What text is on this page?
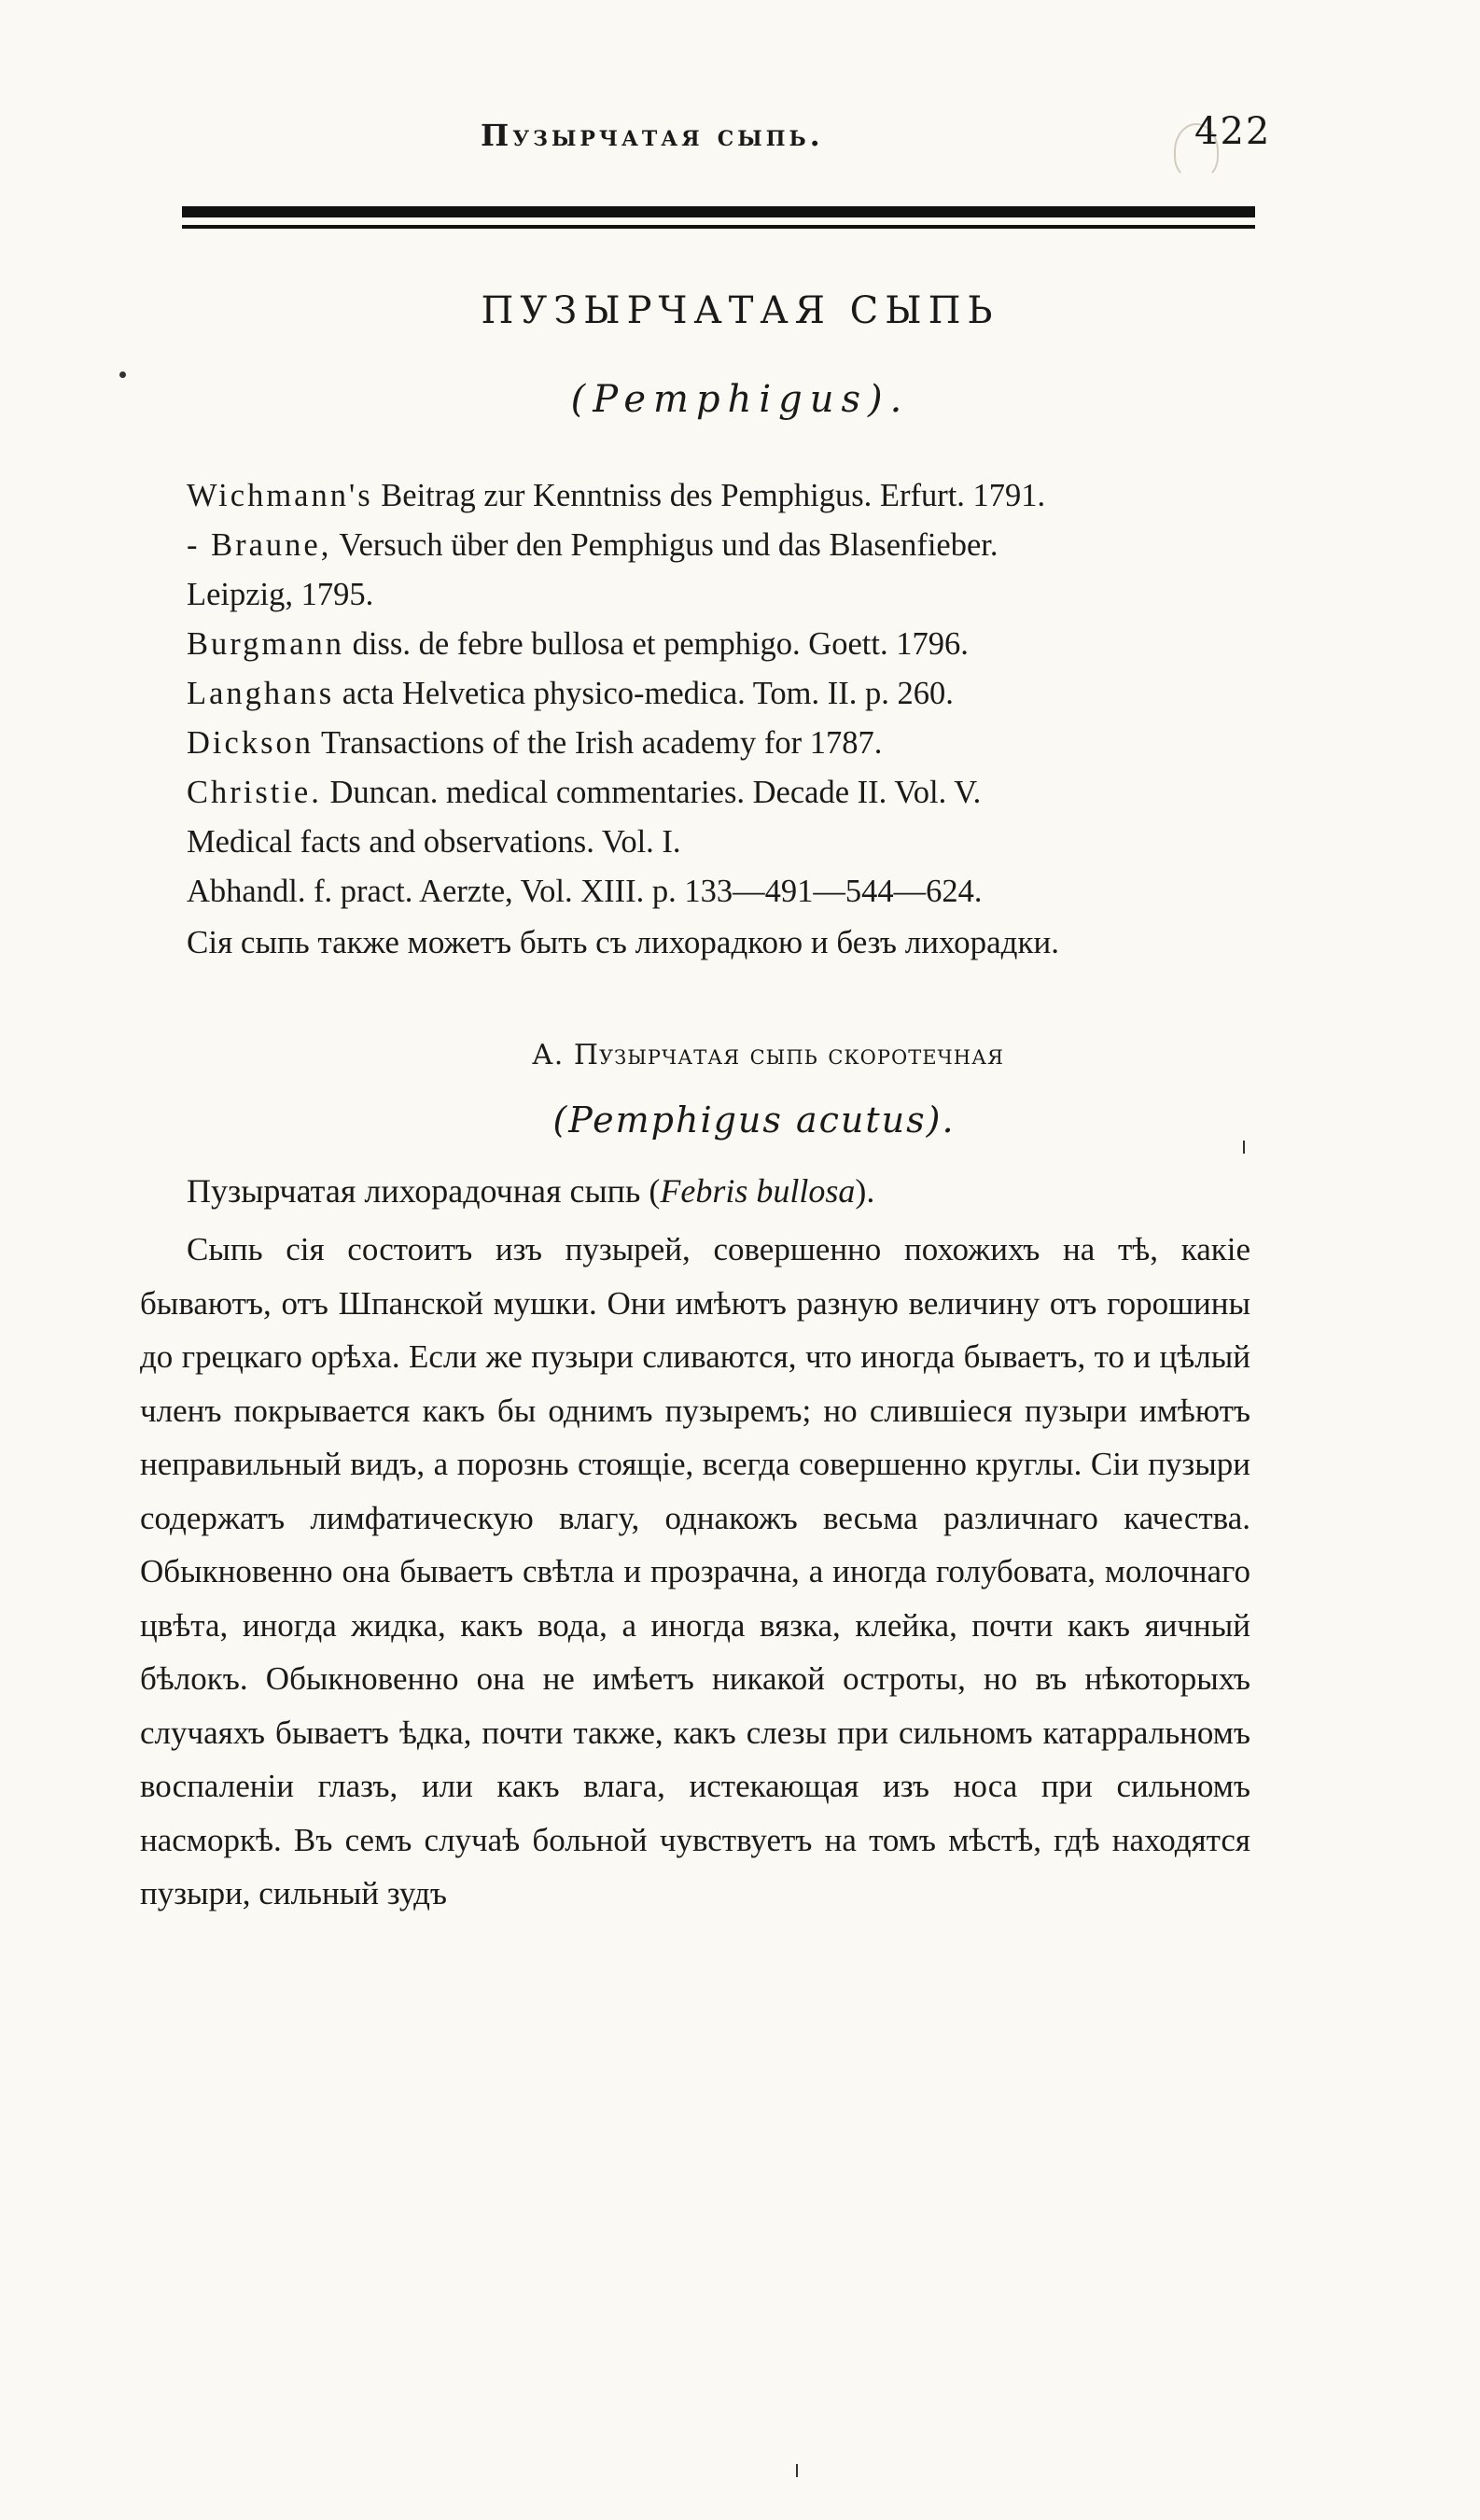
Пузырчатая сыпь.	422
ПУЗЫРЧАТАЯ СЫПЬ
(Pemphigus).
Wichmann's Beitrag zur Kenntniss des Pemphigus. Erfurt. 1791.
- Braune, Versuch über den Pemphigus und das Blasenfieber.
Leipzig, 1795.
Burgmann diss. de febre bullosa et pemphigo. Goett. 1796.
Langhans acta Helvetica physico-medica. Tom. II. p. 260.
Dickson Transactions of the Irish academy for 1787.
Christie. Duncan. medical commentaries. Decade II. Vol. V.
Medical facts and observations. Vol. I.
Abhandl. f. pract. Aerzte, Vol. XIII. p. 133—491—544—624.

Сія сыпь также можетъ быть съ лихорадкою и безъ лихорадки.

А. Пузырчатая сыпь скоротечная
(Pemphigus acutus).
Пузырчатая лихорадочная сыпь (Febris bullosa).

Сыпь сія состоитъ изъ пузырей, совершенно похожихъ на тѣ, какіе бываютъ, отъ Шпанской мушки. Они имѣютъ разную величину отъ горошины до грецкаго орѣха. Если же пузыри сливаются, что иногда бываетъ, то и цѣлый членъ покрывается какъ бы однимъ пузыремъ; но слившіеся пузыри имѣютъ неправильный видъ, а порознь стоящіе, всегда совершенно круглы. Сіи пузыри содержатъ лимфатическую влагу, однакожъ весьма различнаго качества. Обыкновенно она бываетъ свѣтла и прозрачна, а иногда голубовата, молочнаго цвѣта, иногда жидка, какъ вода, а иногда вязка, клейка, почти какъ яичный бѣлокъ. Обыкновенно она не имѣетъ никакой остроты, но въ нѣкоторыхъ случаяхъ бываетъ ѣдка, почти также, какъ слезы при сильномъ катарральномъ воспаленіи глазъ, или какъ влага, истекающая изъ носа при сильномъ насморкѣ. Въ семъ случаѣ больной чувствуетъ на томъ мѣстѣ, гдѣ находятся пузыри, сильный зудъ
